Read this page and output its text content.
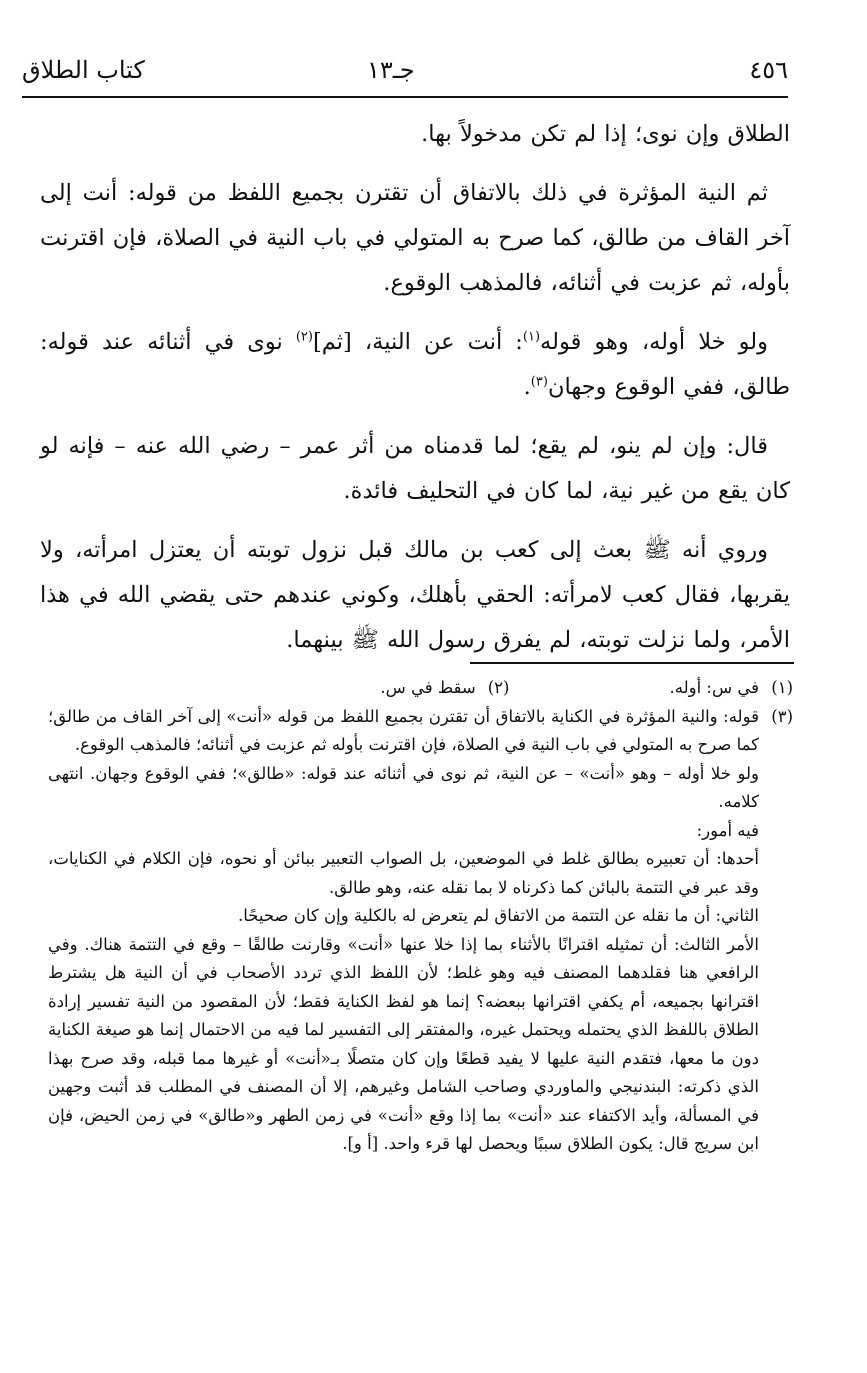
٤٥٦
جـ١٣
كتاب الطلاق

الطلاق وإن نوى؛ إذا لم تكن مدخولاً بها.

ثم النية المؤثرة في ذلك بالاتفاق أن تقترن بجميع اللفظ من قوله: أنت إلى آخر القاف من طالق، كما صرح به المتولي في باب النية في الصلاة، فإن اقترنت بأوله، ثم عزبت في أثنائه، فالمذهب الوقوع.

ولو خلا أوله، وهو قوله$^{(١)}$: أنت عن النية، [ثم]$^{(٢)}$ نوى في أثنائه عند قوله: طالق، ففي الوقوع وجهان$^{(٣)}$.

قال: وإن لم ينو، لم يقع؛ لما قدمناه من أثر عمر – رضي الله عنه – فإنه لو كان يقع من غير نية، لما كان في التحليف فائدة.

وروي أنه ﷺ بعث إلى كعب بن مالك قبل نزول توبته أن يعتزل امرأته، ولا يقربها، فقال كعب لامرأته: الحقي بأهلك، وكوني عندهم حتى يقضي الله في هذا الأمر، ولما نزلت توبته، لم يفرق رسول الله ﷺ بينهما.

(١)
في س: أوله.
(٢)
سقط في س.
(٣)

قوله: والنية المؤثرة في الكناية بالاتفاق أن تقترن بجميع اللفظ من قوله «أنت» إلى آخر القاف من طالق؛ كما صرح به المتولي في باب النية في الصلاة، فإن اقترنت بأوله ثم عزبت في أثنائه؛ فالمذهب الوقوع.

ولو خلا أوله – وهو «أنت» – عن النية، ثم نوى في أثنائه عند قوله: «طالق»؛ ففي الوقوع وجهان. انتهى كلامه.

فيه أمور:

أحدها: أن تعبيره بطالق غلط في الموضعين، بل الصواب التعبير ببائن أو نحوه، فإن الكلام في الكنايات، وقد عبر في التتمة بالبائن كما ذكرناه لا بما نقله عنه، وهو طالق.

الثاني: أن ما نقله عن التتمة من الاتفاق لم يتعرض له بالكلية وإن كان صحيحًا.

الأمر الثالث: أن تمثيله اقترانًا بالأثناء بما إذا خلا عنها «أنت» وقارنت طالقًا – وقع في التتمة هناك. وفي الرافعي هنا فقلدهما المصنف فيه وهو غلط؛ لأن اللفظ الذي تردد الأصحاب في أن النية هل يشترط اقترانها بجميعه، أم يكفي اقترانها ببعضه؟ إنما هو لفظ الكناية فقط؛ لأن المقصود من النية تفسير إرادة الطلاق باللفظ الذي يحتمله ويحتمل غيره، والمفتقر إلى التفسير لما فيه من الاحتمال إنما هو صيغة الكناية دون ما معها، فتقدم النية عليها لا يفيد قطعًا وإن كان متصلًا بـ«أنت» أو غيرها مما قبله، وقد صرح بهذا الذي ذكرته: البندنيجي والماوردي وصاحب الشامل وغيرهم، إلا أن المصنف في المطلب قد أثبت وجهين في المسألة، وأيد الاكتفاء عند «أنت» بما إذا وقع «أنت» في زمن الطهر و«طالق» في زمن الحيض، فإن ابن سريج قال: يكون الطلاق سببًا ويحصل لها قرء واحد. [أ و].
